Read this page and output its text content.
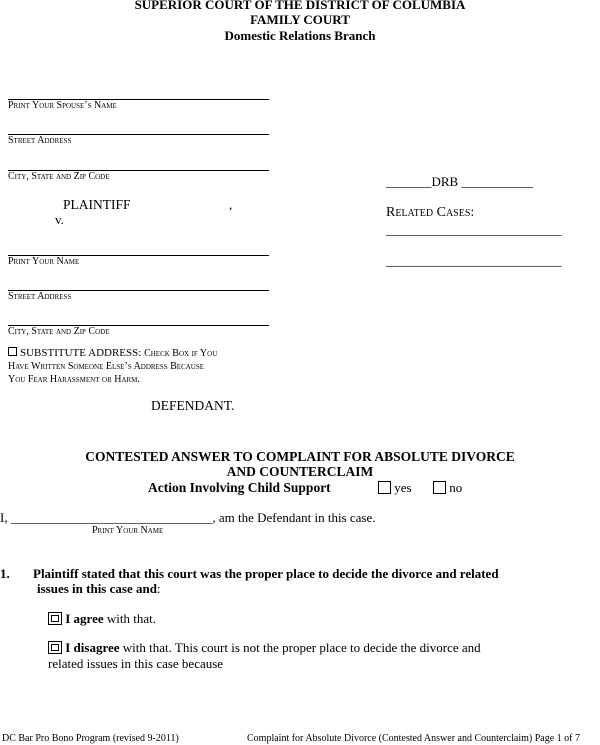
SUPERIOR COURT OF THE DISTRICT OF COLUMBIA
FAMILY COURT
Domestic Relations Branch
Print Your Spouse’s Name
Street Address
City, State and Zip Code
PLAINTIFF	,
v.
Print Your Name
Street Address
City, State and Zip Code
SUBSTITUTE ADDRESS: Check Box if You
Have Written Someone Else’s Address Because
You Fear Harassment or Harm.
DEFENDANT.
_______DRB ___________
Related Cases:
___________________________
___________________________
CONTESTED ANSWER TO COMPLAINT FOR ABSOLUTE DIVORCE
AND COUNTERCLAIM
Action Involving Child Support	yes	no
I, _______________________________, am the Defendant in this case.
Print Your Name
1. Plaintiff stated that this court was the proper place to decide the divorce and related
issues in this case and:
I agree with that.
I disagree with that. This court is not the proper place to decide the divorce and
related issues in this case because
DC Bar Pro Bono Program (revised 9-2011)	Complaint for Absolute Divorce (Contested Answer and Counterclaim) Page 1 of 7
